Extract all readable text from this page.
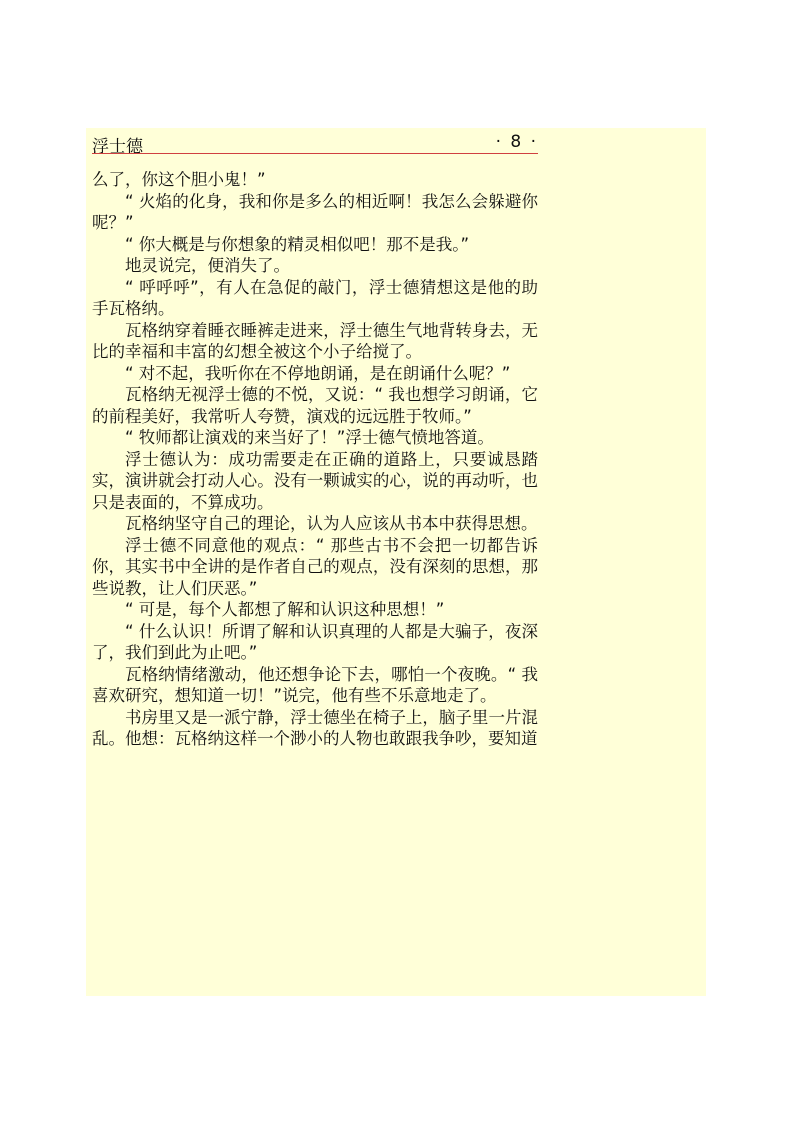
浮士德	· 8 ·

么了，你这个胆小鬼！”

“ 火焰的化身，我和你是多么的相近啊！我怎么会躲避你呢？”

“ 你大概是与你想象的精灵相似吧！那不是我。”

地灵说完，便消失了。

“ 呼呼呼”，有人在急促的敲门，浮士德猜想这是他的助手瓦格纳。

瓦格纳穿着睡衣睡裤走进来，浮士德生气地背转身去，无比的幸福和丰富的幻想全被这个小子给搅了。

“ 对不起，我听你在不停地朗诵，是在朗诵什么呢？”

瓦格纳无视浮士德的不悦，又说：“ 我也想学习朗诵，它的前程美好，我常听人夸赞，演戏的远远胜于牧师。”

“ 牧师都让演戏的来当好了！”浮士德气愤地答道。

浮士德认为：成功需要走在正确的道路上，只要诚恳踏实，演讲就会打动人心。没有一颗诚实的心，说的再动听，也只是表面的，不算成功。

瓦格纳坚守自己的理论，认为人应该从书本中获得思想。

浮士德不同意他的观点：“ 那些古书不会把一切都告诉你，其实书中全讲的是作者自己的观点，没有深刻的思想，那些说教，让人们厌恶。”

“ 可是，每个人都想了解和认识这种思想！”

“ 什么认识！所谓了解和认识真理的人都是大骗子，夜深了，我们到此为止吧。”

瓦格纳情绪激动，他还想争论下去，哪怕一个夜晚。“ 我喜欢研究，想知道一切！”说完，他有些不乐意地走了。

书房里又是一派宁静，浮士德坐在椅子上，脑子里一片混乱。他想：瓦格纳这样一个渺小的人物也敢跟我争吵，要知道
